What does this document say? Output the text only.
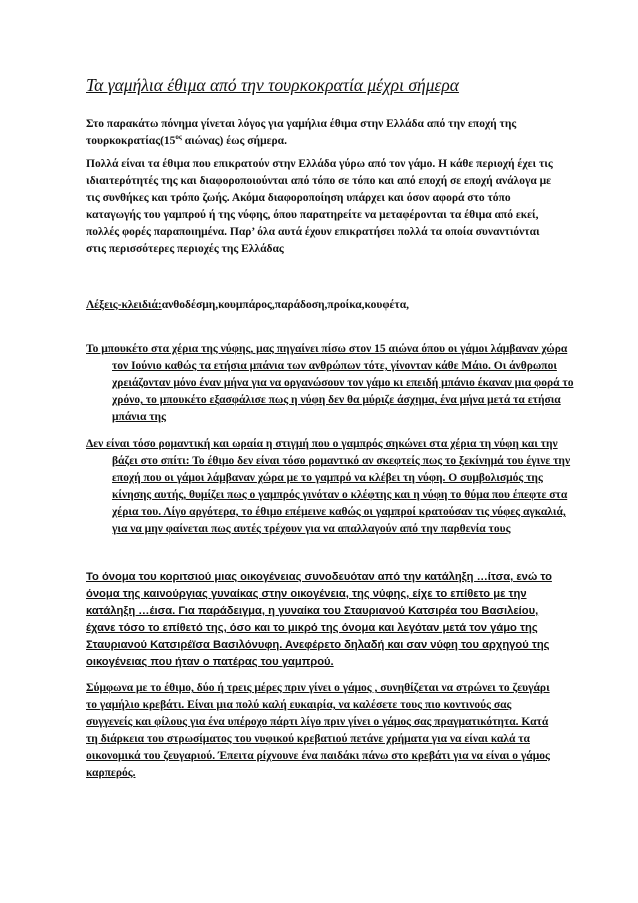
Τα γαμήλια έθιμα από την τουρκοκρατία μέχρι σήμερα
Στο παρακάτω πόνημα γίνεται λόγος για γαμήλια έθιμα στην Ελλάδα από την εποχή της $\tau o\upsilon\rho\kappa o\kappa\rho\alpha\tau ί\alpha\varsigma(15^{o\varsigma}$ αιώνας) έως σήμερα.
Πολλά είναι τα έθιμα που επικρατούν στην Ελλάδα γύρω από τον γάμο. Η κάθε περιοχή έχει τις ιδιαιτερότητές της και διαφοροποιούνται από τόπο σε τόπο και από εποχή σε εποχή ανάλογα με τις συνθήκες και τρόπο ζωής. Ακόμα διαφοροποίηση υπάρχει και όσον αφορά στο τόπο καταγωγής του γαμπρού ή της νύφης, όπου παρατηρείτε να μεταφέρονται τα έθιμα από εκεί, πολλές φορές παραποιημένα. Παρ’ όλα αυτά έχουν επικρατήσει πολλά τα οποία συναντιόνται στις περισσότερες περιοχές της Ελλάδας
Λέξεις-κλειδιά:ανθοδέσμη,κουμπάρος,παράδοση,προίκα,κουφέτα,
Το μπουκέτο στα χέρια της νύφης, μας πηγαίνει πίσω στον 15 αιώνα όπου οι γάμοι λάμβαναν χώρα τον Ιούνιο καθώς τα ετήσια μπάνια των ανθρώπων τότε, γίνονταν κάθε Μάιο. Οι άνθρωποι χρειάζονταν μόνο έναν μήνα για να οργανώσουν τον γάμο κι επειδή μπάνιο έκαναν μια φορά το χρόνο, το μπουκέτο εξασφάλισε πως η νύφη δεν θα μύριζε άσχημα, ένα μήνα μετά τα ετήσια μπάνια της
Δεν είναι τόσο ρομαντική και ωραία η στιγμή που ο γαμπρός σηκώνει στα χέρια τη νύφη και την βάζει στο σπίτι: Το έθιμο δεν είναι τόσο ρομαντικό αν σκεφτείς πως το ξεκίνημά του έγινε την εποχή που οι γάμοι λάμβαναν χώρα με το γαμπρό να κλέβει τη νύφη. Ο συμβολισμός της κίνησης αυτής, θυμίζει πως ο γαμπρός γινόταν ο κλέφτης και η νύφη το θύμα που έπεφτε στα χέρια του. Λίγο αργότερα, το έθιμο επέμεινε καθώς οι γαμπροί κρατούσαν τις νύφες αγκαλιά, για να μην φαίνεται πως αυτές τρέχουν για να απαλλαγούν από την παρθενία τους
Το όνομα του κοριτσιού μιας οικογένειας συνοδευόταν από την κατάληξη …ίτσα, ενώ το όνομα της καινούργιας γυναίκας στην οικογένεια, της νύφης, είχε το επίθετο με την κατάληξη …έισα. Για παράδειγμα, η γυναίκα του Σταυριανού Κατσιρέα του Βασιλείου, έχανε τόσο το επίθετό της, όσο και το μικρό της όνομα και λεγόταν μετά τον γάμο της Σταυριανού Κατσιρέϊσα Βασιλόνυφη. Ανεφέρετο δηλαδή και σαν νύφη του αρχηγού της οικογένειας που ήταν ο πατέρας του γαμπρού.
Σύμφωνα με το έθιμο, δύο ή τρεις μέρες πριν γίνει ο γάμος , συνηθίζεται να στρώνει το ζευγάρι το γαμήλιο κρεβάτι. Είναι μια πολύ καλή ευκαιρία, να καλέσετε τους πιο κοντινούς σας συγγενείς και φίλους για ένα υπέροχο πάρτι λίγο πριν γίνει ο γάμος σας πραγματικότητα. Κατά τη διάρκεια του στρωσίματος του νυφικού κρεβατιού πετάνε χρήματα για να είναι καλά τα οικονομικά του ζευγαριού. Έπειτα ρίχνουνε ένα παιδάκι πάνω στο κρεβάτι για να είναι ο γάμος καρπερός.
